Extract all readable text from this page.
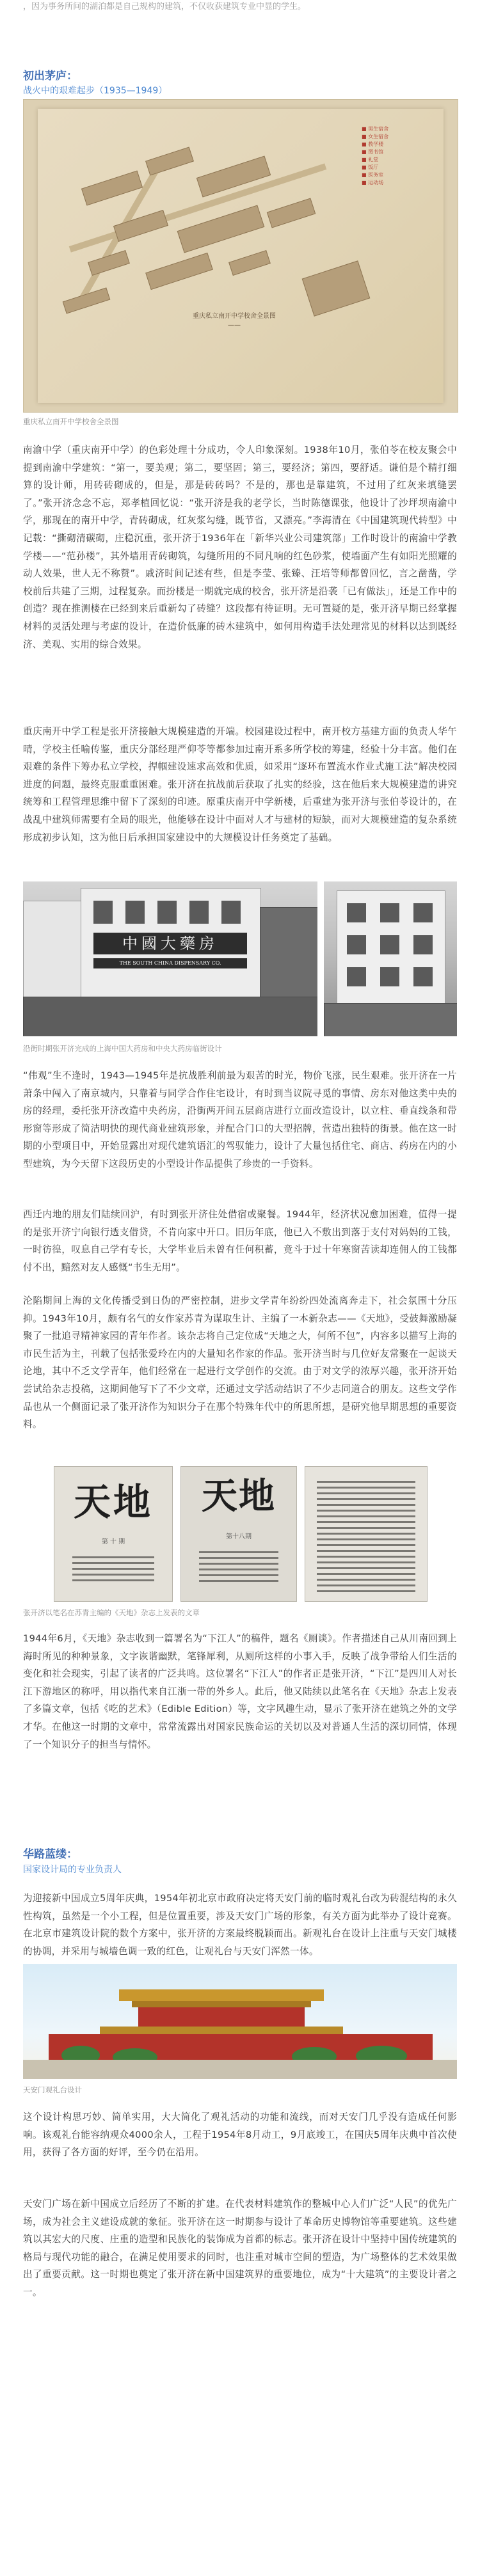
，因为事务所间的湖泊都是自己规构的建筑，不仅收获建筑专业中显的学生。
初出茅庐：
战火中的艰难起步（1935—1949）
重庆私立南开中学校舍全景图
——
■ 男生宿舍
■ 女生宿舍
■ 教学楼
■ 图书馆
■ 礼堂
■ 饭厅
■ 医务室
■ 运动场
重庆私立南开中学校舍全景图
南渝中学（重庆南开中学）的色彩处理十分成功，令人印象深刻。1938年10月，张伯苓在校友聚会中提到南渝中学建筑：“第一，要美观；第二，要坚固；第三，要经济；第四，要舒适。谦伯是个精打细算的设计师，用砖砖砌成的，但是，那是砖砖吗？不是的，那也是靠建筑，不过用了红灰来填缝罢了。”张开济念念不忘，郑孝植回忆说：“张开济是我的老学长，当时陈德课张，他设计了沙坪坝南渝中学，那现在的南开中学，青砖砌成，红灰浆勾缝，既节省，又漂亮。”李海清在《中国建筑现代转型》中记载：“撕砌清碳砌，庄稳沉重，张开济于1936年在「新华兴业公司建筑部」工作时设计的南渝中学教学楼——“范孙楼”，其外墙用青砖砌筑，勾缝所用的不同凡响的红色砂浆，使墙面产生有如阳光照耀的动人效果，世人无不称赞”。戚济时间记述有些，但是李莹、张臻、汪培等师都曾回忆，言之凿凿，学校前后共建了三期，过程复杂。而扮楼是一期就完成的校舍，张开济是沿袭「已有做法」，还是工作中的创造？现在推测楼在已经到来后重新勾了砖缝？这段都有待证明。无可置疑的是，张开济早期已经掌握材料的灵活处理与考虑的设计，在造价低廉的砖木建筑中，如何用构造手法处理常见的材料以达到既经济、美观、实用的综合效果。
重庆南开中学工程是张开济接触大规模建造的开端。校园建设过程中，南开校方基建方面的负责人华午晴，学校主任喻传鉴，重庆分部经理严仰苓等都参加过南开系多所学校的筹建，经验十分丰富。他们在艰难的条件下筹办私立学校，捍帼建设速求高效和优质，如采用“逐环布置流水作业式施工法”解决校园进度的问题，最终克服重重困难。张开济在抗战前后获取了扎实的经验，这在他后来大规模建造的讲究统筹和工程管理思维中留下了深刻的印迹。原重庆南开中学新楼，后重建为张开济与张伯苓设计的，在战乱中建筑师需要有全局的眼光，他能够在设计中面对人才与建材的短缺，而对大规模建造的复杂系统形成初步认知，这为他日后承担国家建设中的大规模设计任务奠定了基础。
中國大藥房
THE SOUTH CHINA DISPENSARY CO.
沿街时期张开济完成的上海中国大药房和中央大药房临街设计
“伟观”生不逢时，1943—1945年是抗战胜利前最为艰苦的时光，物价飞涨，民生艰难。张开济在一片萧条中闯入了南京城内，只靠着与同学合作住宅设计，有时到当议院寻觅的事情、房东对他这类中央的房的经理，委托张开济改造中央药房，沿街两开间五层商店进行立面改造设计，以立柱、垂直线条和带形窗等形成了简洁明快的现代商业建筑形象，并配合门口的大型招牌，营造出独特的街景。他在这一时期的小型项目中，开始显露出对现代建筑语汇的驾驭能力，设计了大量包括住宅、商店、药房在内的小型建筑，为今天留下这段历史的小型设计作品提供了珍贵的一手资料。
西迁内地的朋友们陆续回沪，有时到张开济住处借宿或聚餐。1944年，经济状况愈加困难，值得一提的是张开济宁向银行透支借贷，不肯向家中开口。旧历年底，他已入不敷出到落于支付对妈妈的工钱，一时彷徨，叹息自己学有专长，大学毕业后未曾有任何积蓄，竟斗于过十年寒窗苦读却连佣人的工钱都付不出，黯然对友人感慨“书生无用”。
沦陷期间上海的文化传播受到日伪的严密控制，进步文学青年纷纷四处流离奔走下，社会氛围十分压抑。1943年10月，颇有名气的女作家苏青为谋取生计、主编了一本新杂志——《天地》，受鼓舞激励凝聚了一批追寻精神家园的青年作者。该杂志将自己定位成“天地之大，何所不包”，内容多以描写上海的市民生活为主，刊载了包括张爱玲在内的大量知名作家的作品。张开济当时与几位好友常聚在一起谈天论地，其中不乏文学青年，他们经常在一起进行文学创作的交流。由于对文学的浓厚兴趣，张开济开始尝试给杂志投稿，这期间他写下了不少文章，还通过文学活动结识了不少志同道合的朋友。这些文学作品也从一个侧面记录了张开济作为知识分子在那个特殊年代中的所思所想，是研究他早期思想的重要资料。
天地
第 十 期
天地
第十八期
张开济以笔名在苏青主编的《天地》杂志上发表的文章
1944年6月，《天地》杂志收到一篇署名为“下江人”的稿件，题名《厕谈》。作者描述自己从川南回到上海时所见的种种景象，文字诙谐幽默，笔锋犀利，从厕所这样的小事入手，反映了战争带给人们生活的变化和社会现实，引起了读者的广泛共鸣。这位署名“下江人”的作者正是张开济，“下江”是四川人对长江下游地区的称呼，用以指代来自江浙一带的外乡人。此后，他又陆续以此笔名在《天地》杂志上发表了多篇文章，包括《吃的艺术》（Edible Edition）等，文字风趣生动，显示了张开济在建筑之外的文学才华。在他这一时期的文章中，常常流露出对国家民族命运的关切以及对普通人生活的深切同情，体现了一个知识分子的担当与情怀。
华路蓝缕：
国家设计局的专业负责人
为迎接新中国成立5周年庆典，1954年初北京市政府决定将天安门前的临时观礼台改为砖混结构的永久性构筑，虽然是一个小工程，但是位置重要，涉及天安门广场的形象，有关方面为此举办了设计竞赛。在北京市建筑设计院的数个方案中，张开济的方案最终脱颖而出。新观礼台在设计上注重与天安门城楼的协调，并采用与城墙色调一致的红色，让观礼台与天安门浑然一体。
天安门观礼台设计
这个设计构思巧妙、简单实用，大大简化了观礼活动的功能和流线，而对天安门几乎没有造成任何影响。该观礼台能容纳观众4000余人，工程于1954年8月动工，9月底竣工，在国庆5周年庆典中首次使用，获得了各方面的好评，至今仍在沿用。
天安门广场在新中国成立后经历了不断的扩建。在代表材料建筑作的整城中心人们广泛“人民”的优先广场，成为社会主义建设成就的象征。张开济在这一时期参与设计了革命历史博物馆等重要建筑。这些建筑以其宏大的尺度、庄重的造型和民族化的装饰成为首都的标志。张开济在设计中坚持中国传统建筑的格局与现代功能的融合，在满足使用要求的同时，也注重对城市空间的塑造，为广场整体的艺术效果做出了重要贡献。这一时期也奠定了张开济在新中国建筑界的重要地位，成为“十大建筑”的主要设计者之一。
